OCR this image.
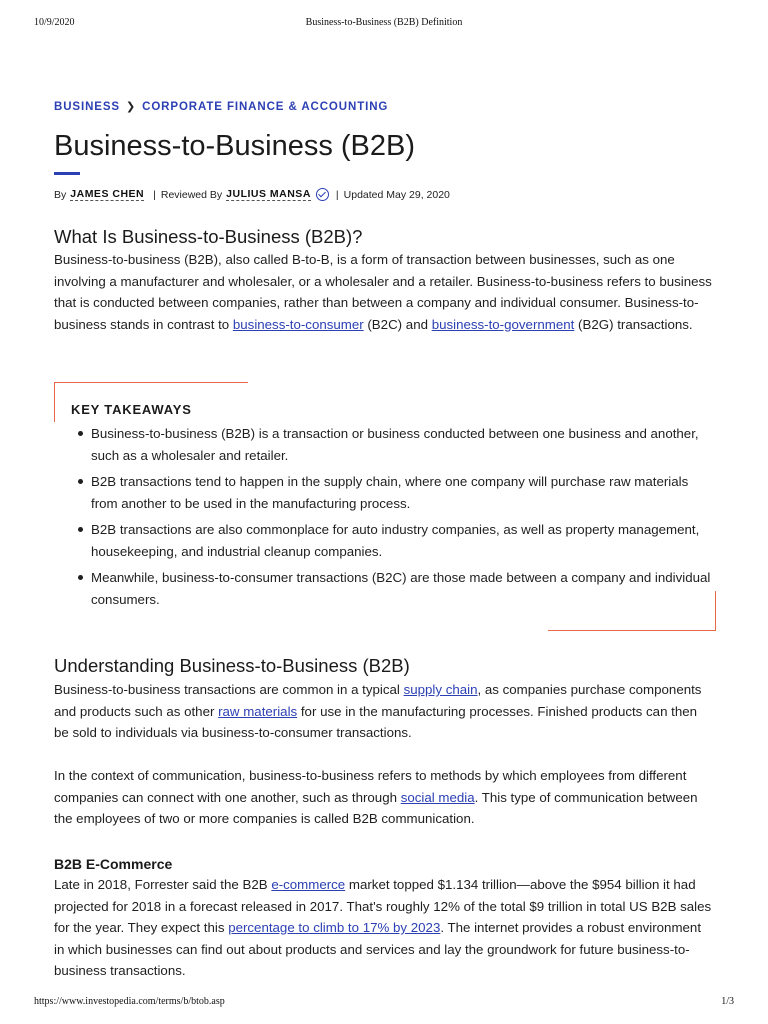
10/9/2020	Business-to-Business (B2B) Definition
BUSINESS ❯ CORPORATE FINANCE & ACCOUNTING
Business-to-Business (B2B)
By JAMES CHEN | Reviewed By JULIUS MANSA | Updated May 29, 2020
What Is Business-to-Business (B2B)?

Business-to-business (B2B), also called B-to-B, is a form of transaction between businesses, such as one involving a manufacturer and wholesaler, or a wholesaler and a retailer. Business-to-business refers to business that is conducted between companies, rather than between a company and individual consumer. Business-to-business stands in contrast to business-to-consumer (B2C) and business-to-government (B2G) transactions.

KEY TAKEAWAYS
Business-to-business (B2B) is a transaction or business conducted between one business and another, such as a wholesaler and retailer.
B2B transactions tend to happen in the supply chain, where one company will purchase raw materials from another to be used in the manufacturing process.
B2B transactions are also commonplace for auto industry companies, as well as property management, housekeeping, and industrial cleanup companies.
Meanwhile, business-to-consumer transactions (B2C) are those made between a company and individual consumers.
Understanding Business-to-Business (B2B)

Business-to-business transactions are common in a typical supply chain, as companies purchase components and products such as other raw materials for use in the manufacturing processes. Finished products can then be sold to individuals via business-to-consumer transactions.

In the context of communication, business-to-business refers to methods by which employees from different companies can connect with one another, such as through social media. This type of communication between the employees of two or more companies is called B2B communication.

B2B E-Commerce

Late in 2018, Forrester said the B2B e-commerce market topped $1.134 trillion—above the $954 billion it had projected for 2018 in a forecast released in 2017. That's roughly 12% of the total $9 trillion in total US B2B sales for the year. They expect this percentage to climb to 17% by 2023. The internet provides a robust environment in which businesses can find out about products and services and lay the groundwork for future business-to-business transactions.

https://www.investopedia.com/terms/b/btob.asp	1/3
